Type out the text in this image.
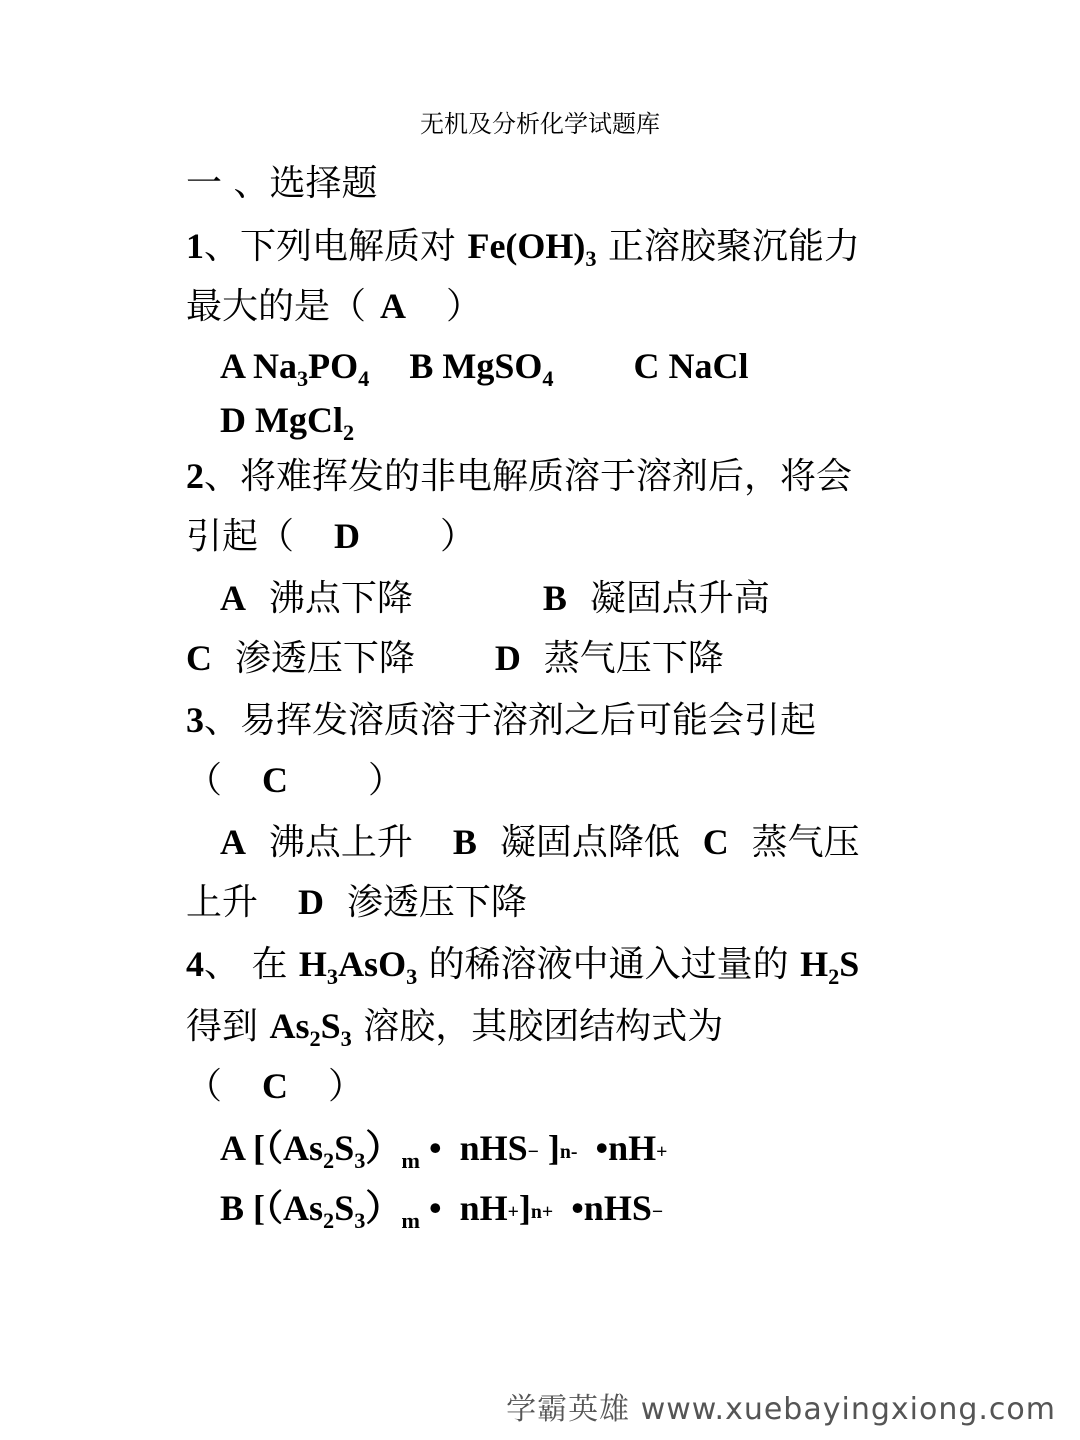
无机及分析化学试题库
一 、选择题
1、下列电解质对 $Fe(OH)_3$ 正溶胶聚沉能力
最大的是（ A ）
A $Na_3PO_4$ B MgSO$_4$ C NaCl
D MgCl$_2$
2、将难挥发的非电解质溶于溶剂后，将会
引起（ D ）
A 沸点下降	B 凝固点升高
C 渗透压下降 D 蒸气压下降
3、易挥发溶质溶于溶剂之后可能会引起
（ C ）
A 沸点上升 B 凝固点降低 C 蒸气压
上升 D 渗透压下降
4、 在 $H_3AsO_3$ 的稀溶液中通入过量的 $H_2S$
得到 $As_2S_3$ 溶胶，其胶团结构式为
（ C ）
A [$(As_2S_3)_m$ • nHS− ]$^{n-}$ •nH+
B [$(As_2S_3)_m$ • nH+]$^{n+}$ •nHS−
学霸英雄 www.xuebayingxiong.com
